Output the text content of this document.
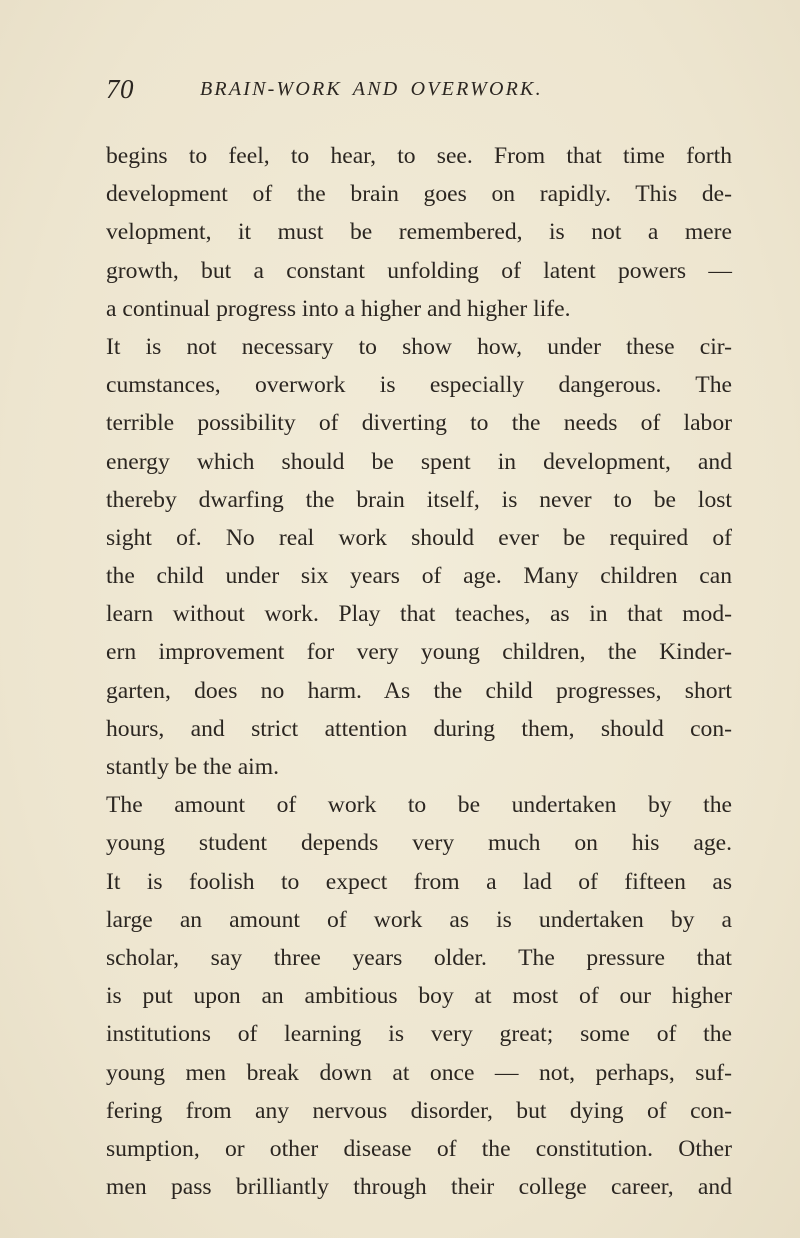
70	BRAIN-WORK AND OVERWORK.
begins to feel, to hear, to see. From that time forth
development of the brain goes on rapidly. This de-
velopment, it must be remembered, is not a mere
growth, but a constant unfolding of latent powers —
a continual progress into a higher and higher life.
It is not necessary to show how, under these cir-
cumstances, overwork is especially dangerous. The
terrible possibility of diverting to the needs of labor
energy which should be spent in development, and
thereby dwarfing the brain itself, is never to be lost
sight of. No real work should ever be required of
the child under six years of age. Many children can
learn without work. Play that teaches, as in that mod-
ern improvement for very young children, the Kinder-
garten, does no harm. As the child progresses, short
hours, and strict attention during them, should con-
stantly be the aim.
The amount of work to be undertaken by the
young student depends very much on his age.
It is foolish to expect from a lad of fifteen as
large an amount of work as is undertaken by a
scholar, say three years older. The pressure that
is put upon an ambitious boy at most of our higher
institutions of learning is very great; some of the
young men break down at once — not, perhaps, suf-
fering from any nervous disorder, but dying of con-
sumption, or other disease of the constitution. Other
men pass brilliantly through their college career, and
